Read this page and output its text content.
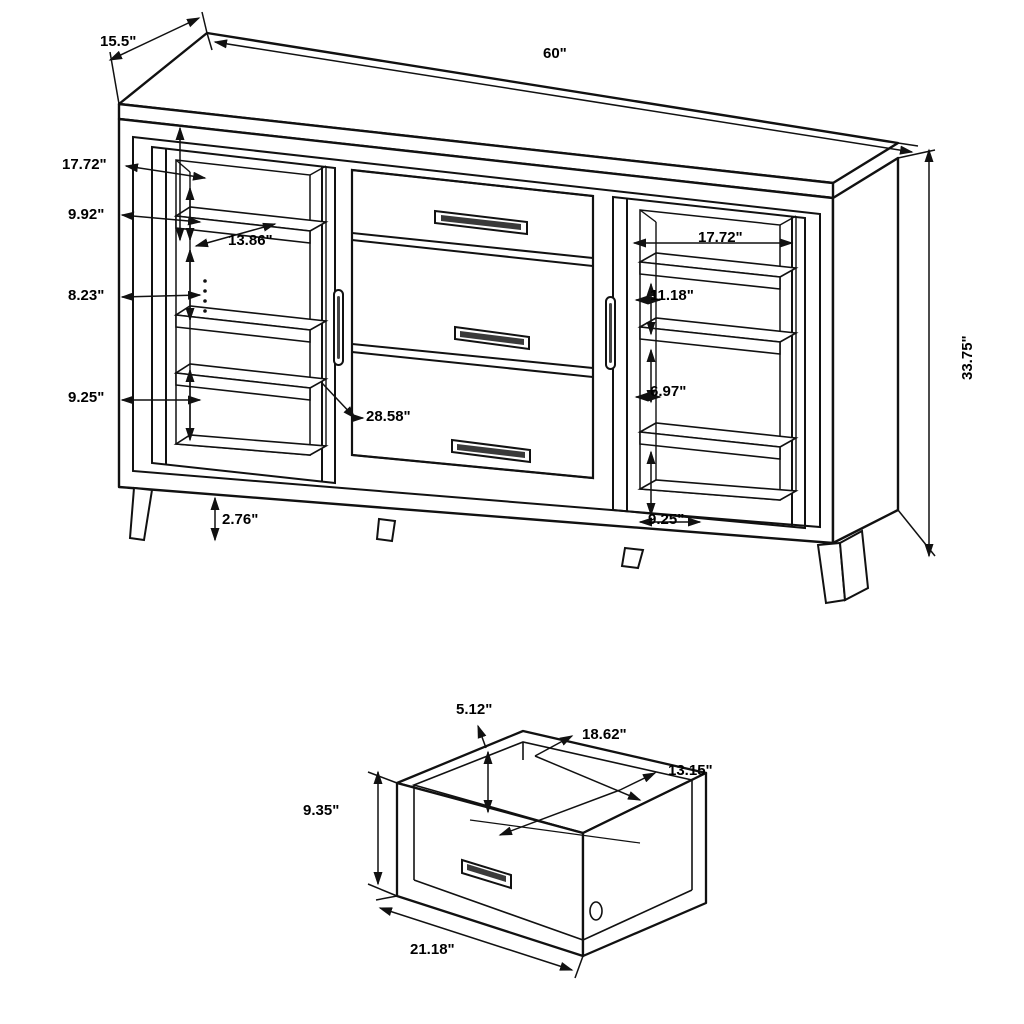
15.5"
60"
33.75"
17.72"
9.92"
13.86"
8.23"
9.25"
28.58"
2.76"
17.72"
11.18"
6.97"
9.25"
5.12"
18.62"
13.15"
9.35"
21.18"
